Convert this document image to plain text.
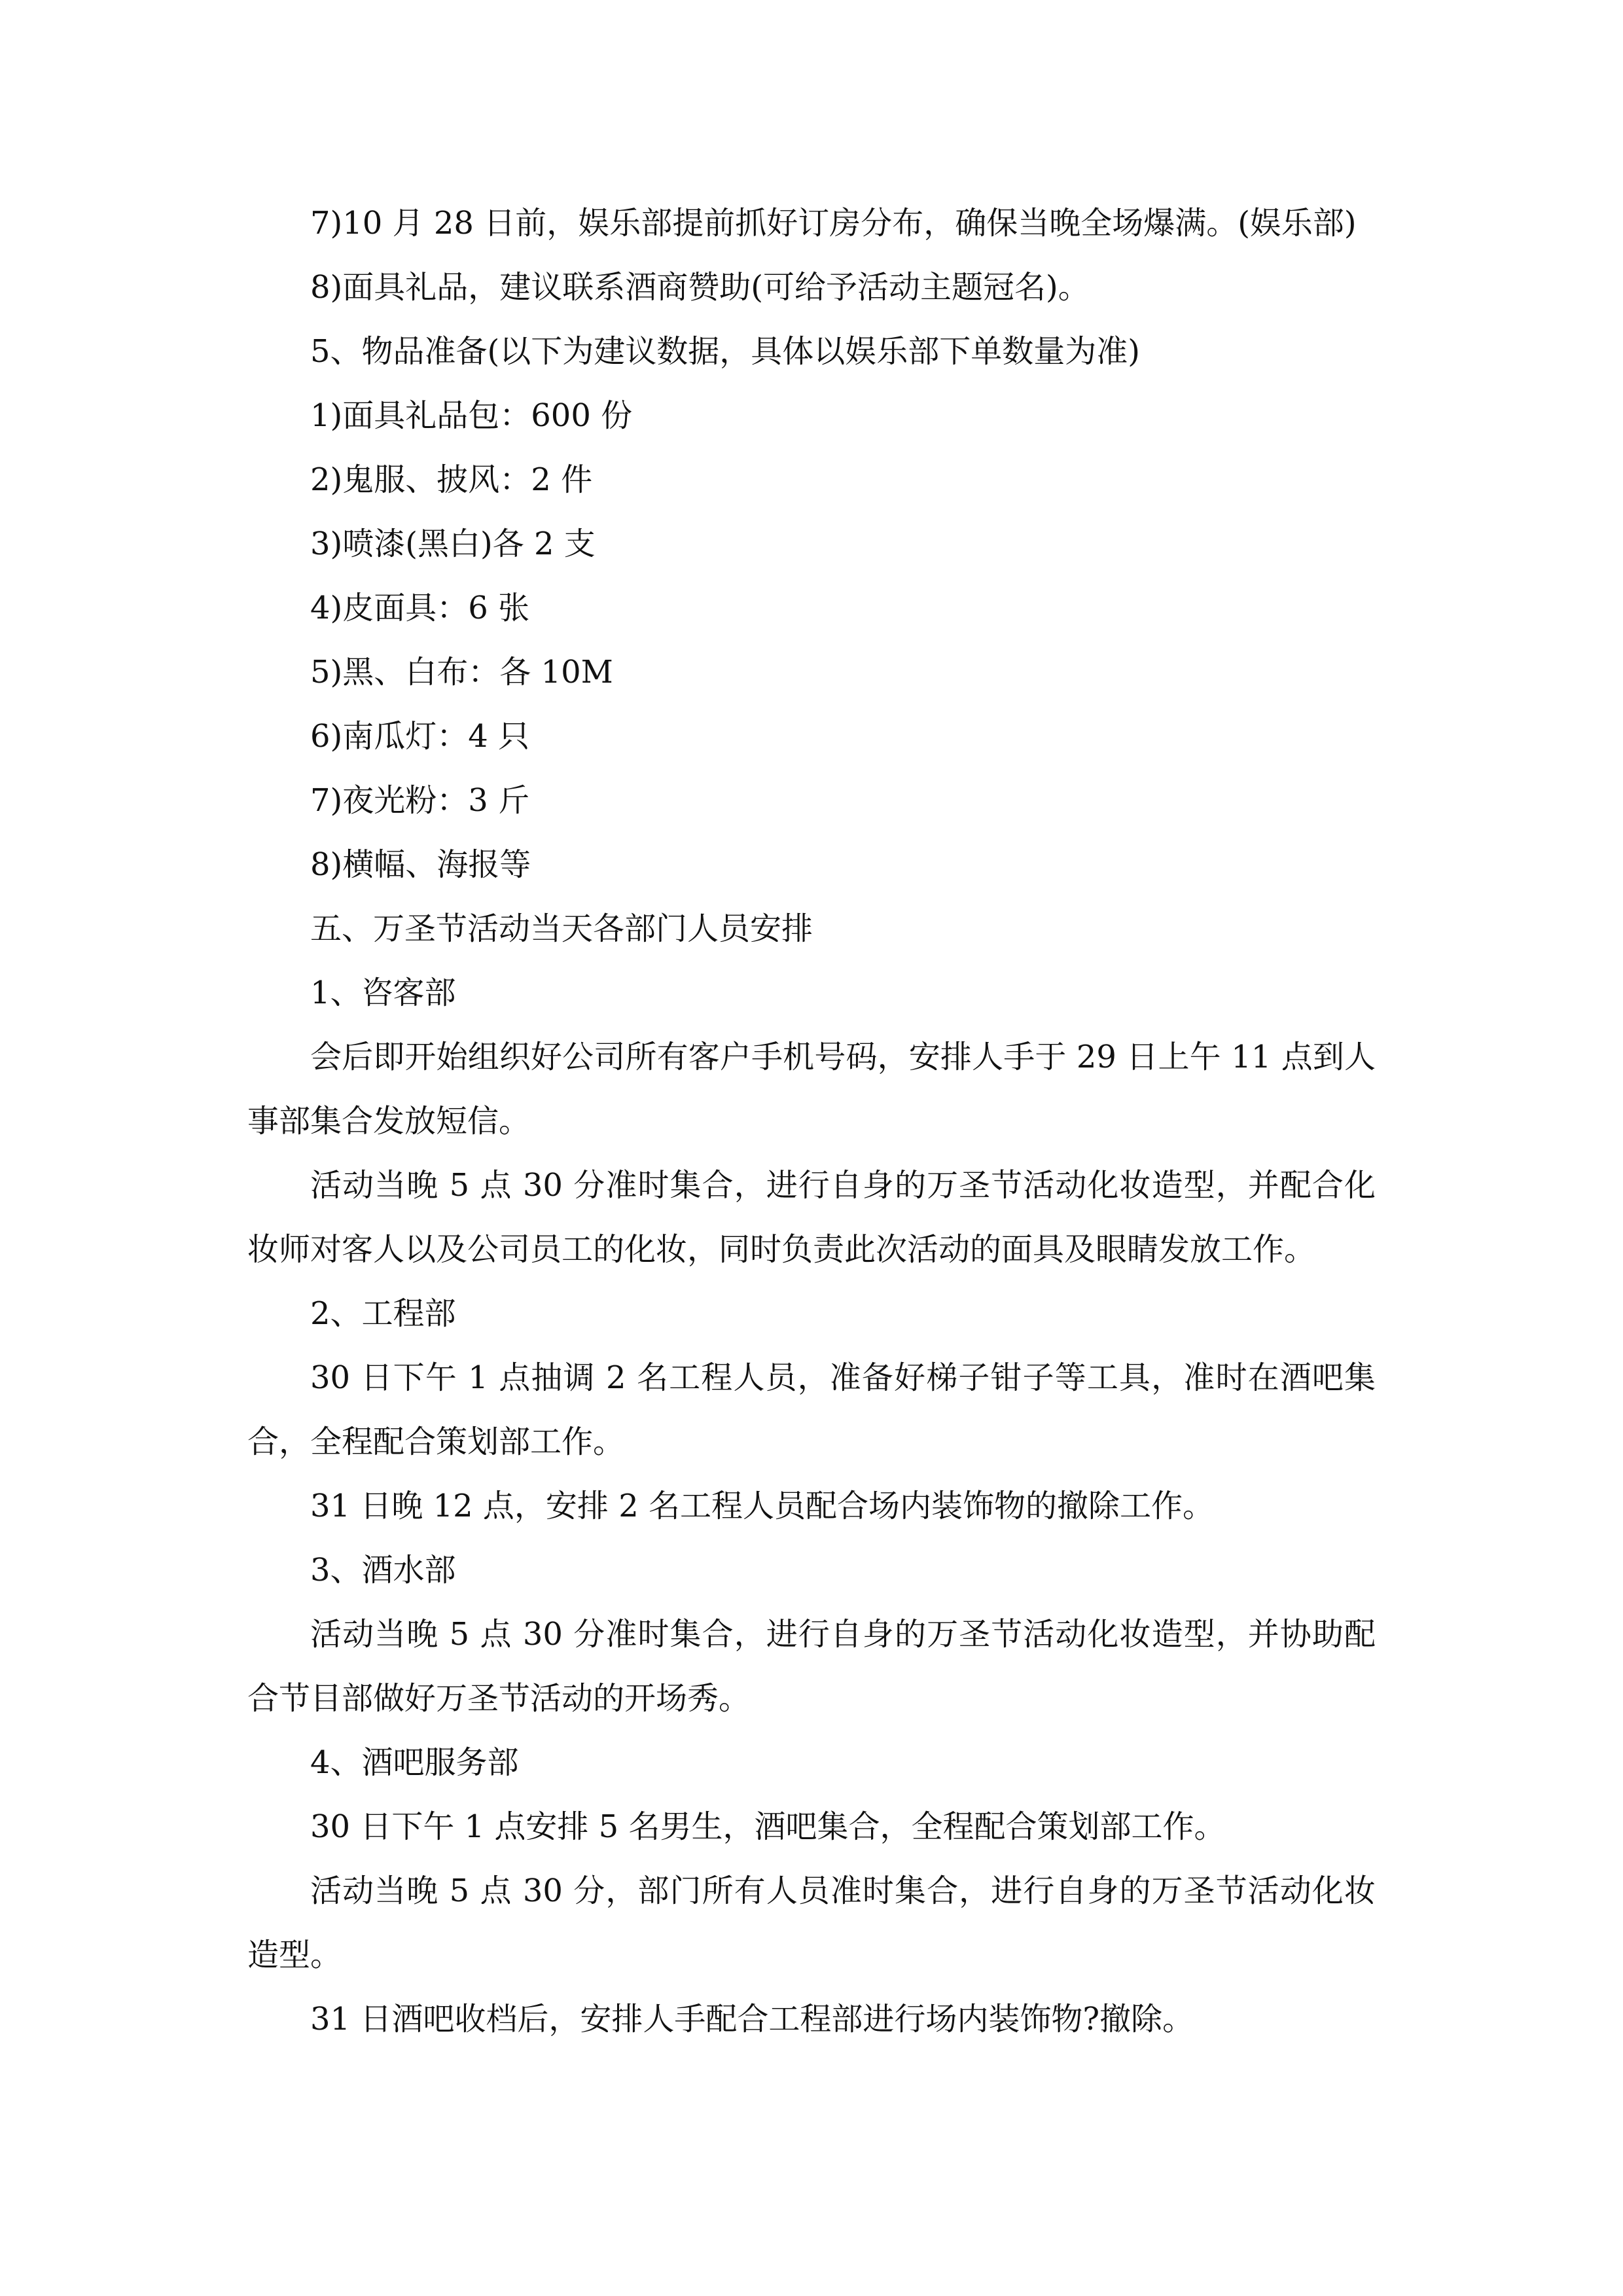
7)10 月 28 日前，娱乐部提前抓好订房分布，确保当晚全场爆满。(娱乐部)

8)面具礼品，建议联系酒商赞助(可给予活动主题冠名)。

5、物品准备(以下为建议数据，具体以娱乐部下单数量为准)

1)面具礼品包：600 份

2)鬼服、披风：2 件

3)喷漆(黑白)各 2 支

4)皮面具：6 张

5)黑、白布：各 10M

6)南瓜灯：4 只

7)夜光粉：3 斤

8)横幅、海报等

五、万圣节活动当天各部门人员安排

1、咨客部

会后即开始组织好公司所有客户手机号码，安排人手于 29 日上午 11 点到人事部集合发放短信。

活动当晚 5 点 30 分准时集合，进行自身的万圣节活动化妆造型，并配合化妆师对客人以及公司员工的化妆，同时负责此次活动的面具及眼睛发放工作。

2、工程部

30 日下午 1 点抽调 2 名工程人员，准备好梯子钳子等工具，准时在酒吧集合，全程配合策划部工作。

31 日晚 12 点，安排 2 名工程人员配合场内装饰物的撤除工作。

3、酒水部

活动当晚 5 点 30 分准时集合，进行自身的万圣节活动化妆造型，并协助配合节目部做好万圣节活动的开场秀。

4、酒吧服务部

30 日下午 1 点安排 5 名男生，酒吧集合，全程配合策划部工作。

活动当晚 5 点 30 分，部门所有人员准时集合，进行自身的万圣节活动化妆造型。

31 日酒吧收档后，安排人手配合工程部进行场内装饰物?撤除。
